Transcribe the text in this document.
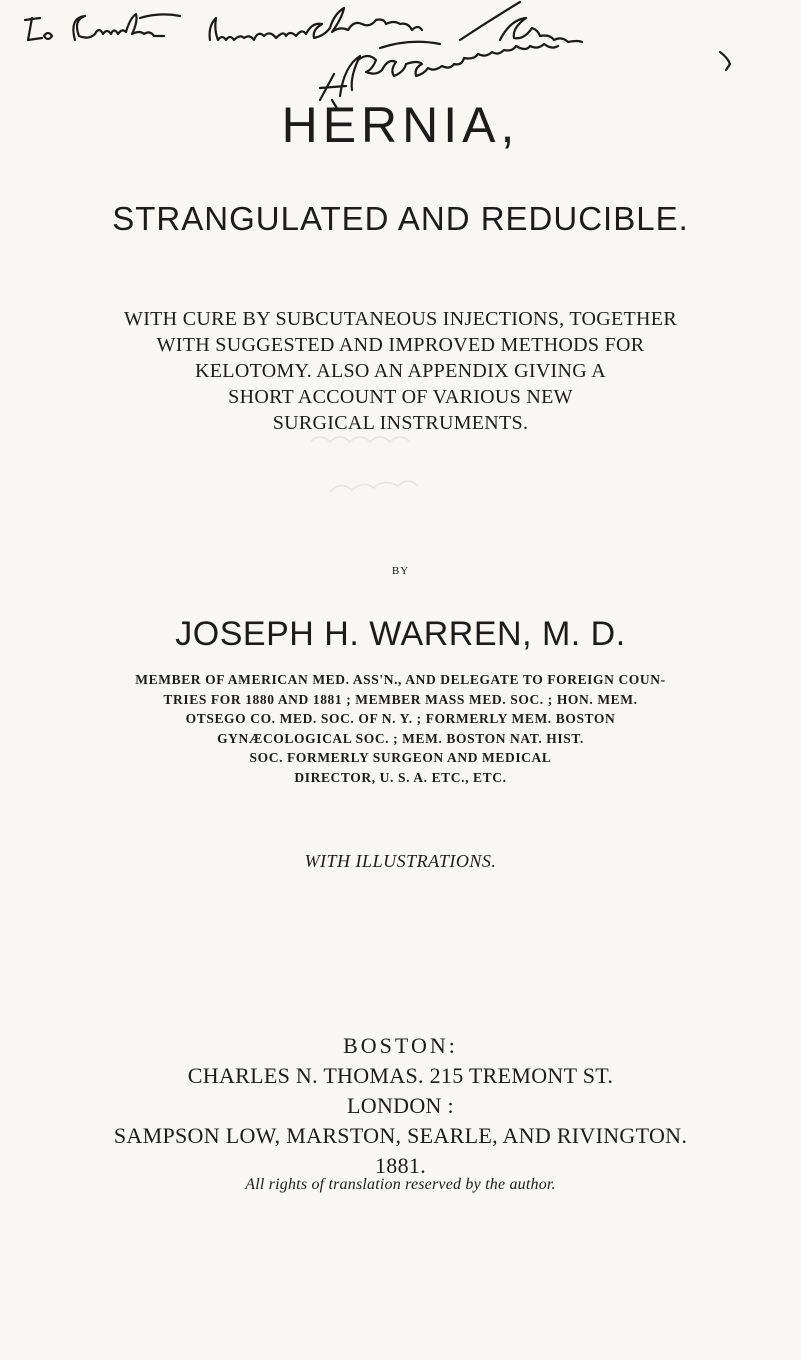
HERNIA,
STRANGULATED AND REDUCIBLE.
WITH CURE BY SUBCUTANEOUS INJECTIONS, TOGETHER
WITH SUGGESTED AND IMPROVED METHODS FOR
KELOTOMY. ALSO AN APPENDIX GIVING A
SHORT ACCOUNT OF VARIOUS NEW
SURGICAL INSTRUMENTS.
BY
JOSEPH H. WARREN, M. D.
MEMBER OF AMERICAN MED. ASS'N., AND DELEGATE TO FOREIGN COUN-
TRIES FOR 1880 AND 1881 ; MEMBER MASS MED. SOC. ; HON. MEM.
OTSEGO CO. MED. SOC. OF N. Y. ; FORMERLY MEM. BOSTON
GYNÆCOLOGICAL SOC. ; MEM. BOSTON NAT. HIST.
SOC. FORMERLY SURGEON AND MEDICAL
DIRECTOR, U. S. A. ETC., ETC.
WITH ILLUSTRATIONS.
BOSTON:
CHARLES N. THOMAS. 215 TREMONT ST.
LONDON :
SAMPSON LOW, MARSTON, SEARLE, AND RIVINGTON.
1881.
All rights of translation reserved by the author.
